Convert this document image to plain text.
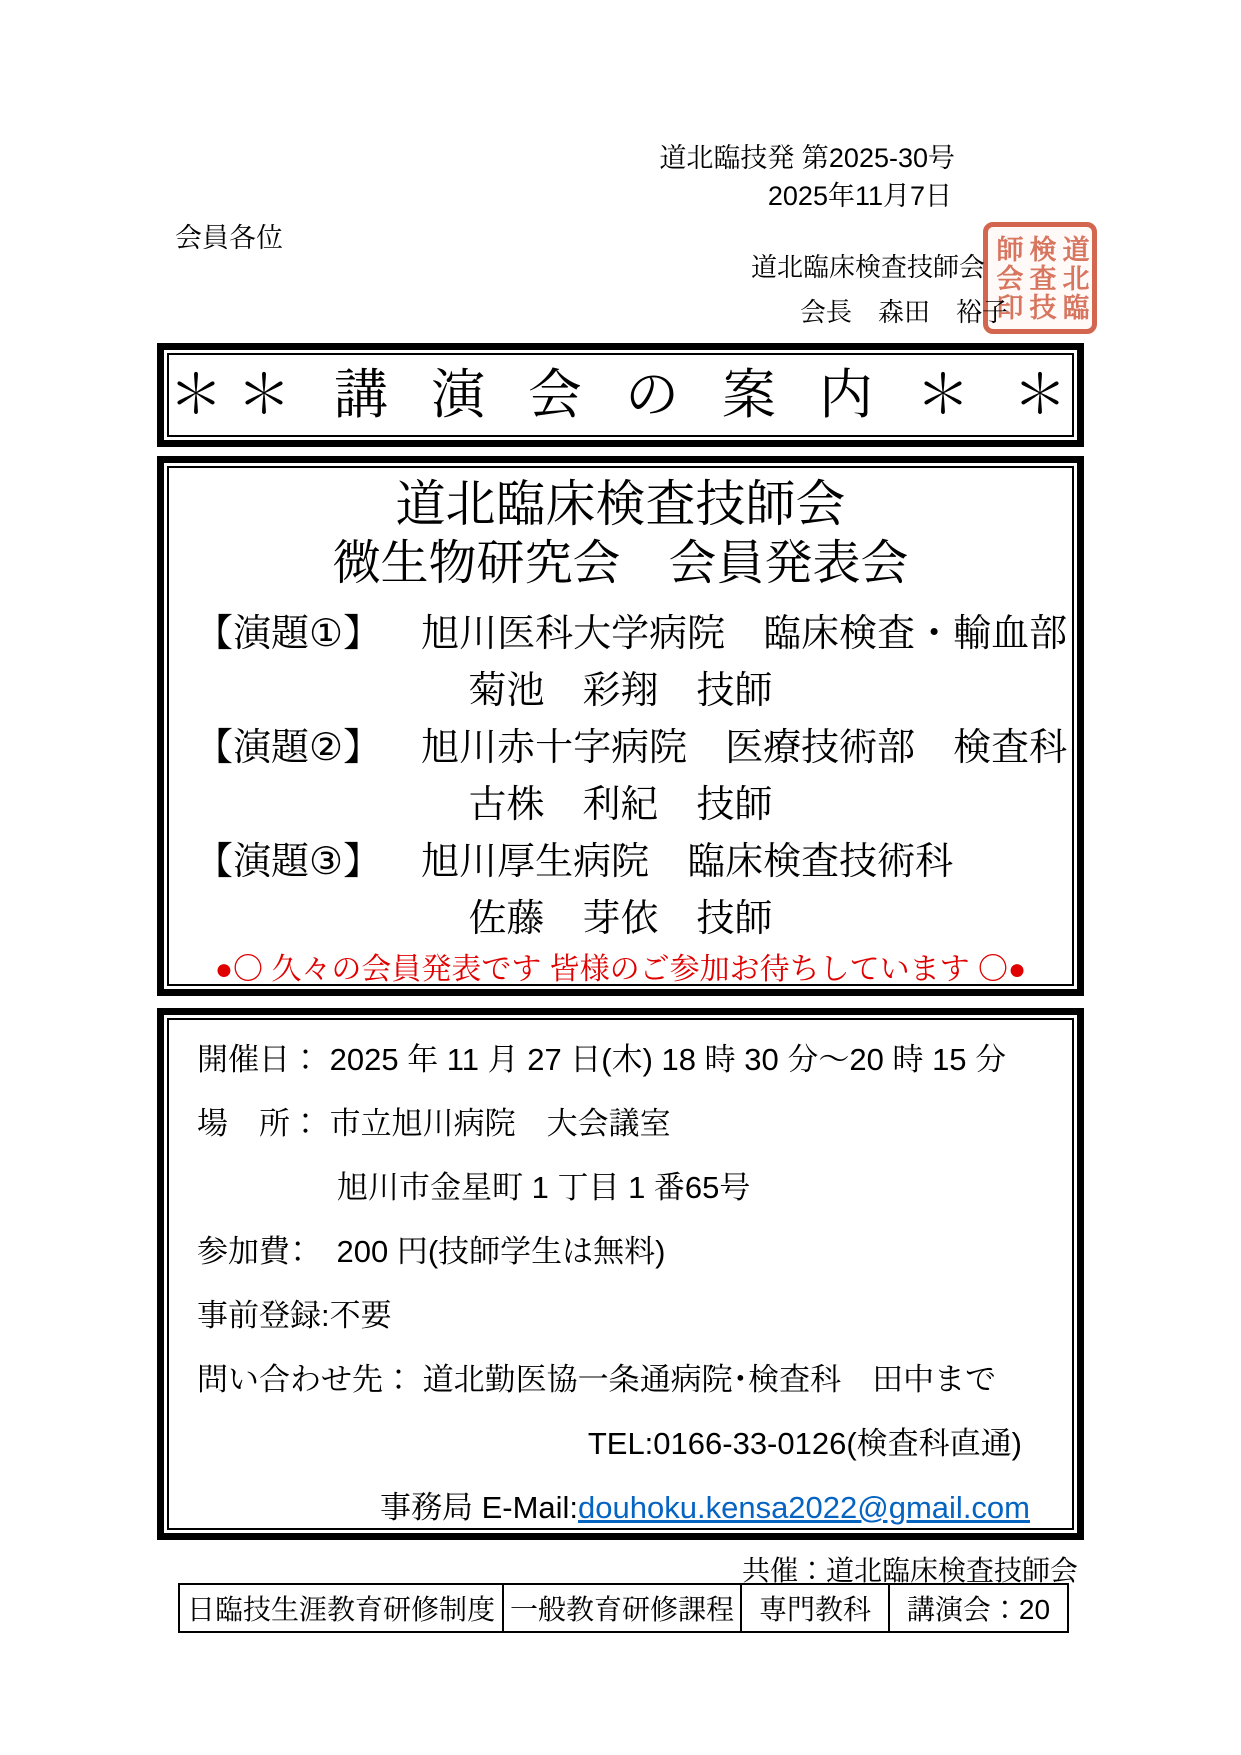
道北臨技発 第2025-30号
2025年11月7日
会員各位
道北臨床検査技師会
会長　森田　裕子 道北臨
検査技
師会印
＊＊ 講 演 会 の 案 内 ＊ ＊
道北臨床検査技師会
微生物研究会　会員発表会
【演題①】 旭川医科大学病院　臨床検査・輸血部
菊池　彩翔　技師
【演題②】 旭川赤十字病院　医療技術部　検査科
古株　利紀　技師
【演題③】 旭川厚生病院　臨床検査技術科
佐藤　芽依　技師
●〇 久々の会員発表です 皆様のご参加お待ちしています 〇●
開催日： 2025 年 11 月 27 日(木) 18 時 30 分～20 時 15 分
場　所： 市立旭川病院　大会議室
旭川市金星町 1 丁目 1 番65号
参加費：　200 円(技師学生は無料)
事前登録:不要
問い合わせ先： 道北勤医協一条通病院･検査科　田中まで
TEL:0166-33-0126(検査科直通)
事務局 E-Mail:douhoku.kensa2022@gmail.com
共催：道北臨床検査技師会
日臨技生涯教育研修制度 一般教育研修課程 専門教科	講演会：20
